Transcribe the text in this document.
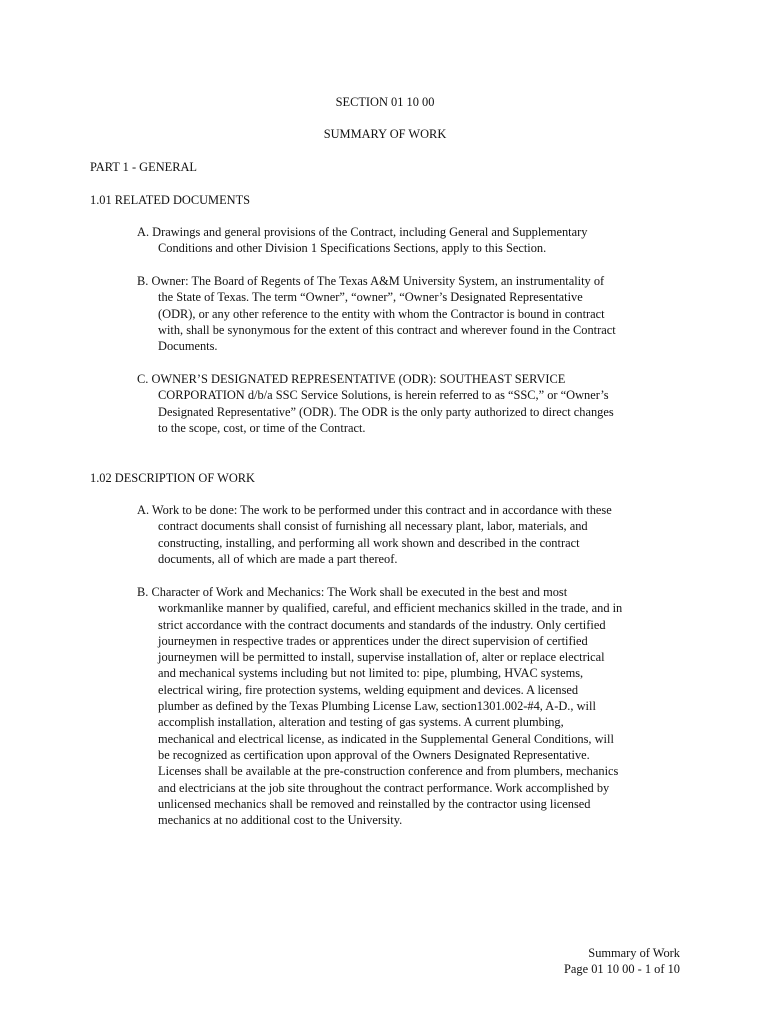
SECTION 01 10 00
SUMMARY OF WORK
PART 1 - GENERAL
1.01 RELATED DOCUMENTS
A. Drawings and general provisions of the Contract, including General and Supplementary
Conditions and other Division 1 Specifications Sections, apply to this Section.
B. Owner: The Board of Regents of The Texas A&M University System, an instrumentality of
the State of Texas. The term “Owner”, “owner”, “Owner’s Designated Representative
(ODR), or any other reference to the entity with whom the Contractor is bound in contract
with, shall be synonymous for the extent of this contract and wherever found in the Contract
Documents.
C. OWNER’S DESIGNATED REPRESENTATIVE (ODR): SOUTHEAST SERVICE
CORPORATION d/b/a SSC Service Solutions, is herein referred to as “SSC,” or “Owner’s
Designated Representative” (ODR). The ODR is the only party authorized to direct changes
to the scope, cost, or time of the Contract.
1.02 DESCRIPTION OF WORK
A. Work to be done: The work to be performed under this contract and in accordance with these
contract documents shall consist of furnishing all necessary plant, labor, materials, and
constructing, installing, and performing all work shown and described in the contract
documents, all of which are made a part thereof.
B. Character of Work and Mechanics: The Work shall be executed in the best and most
workmanlike manner by qualified, careful, and efficient mechanics skilled in the trade, and in
strict accordance with the contract documents and standards of the industry. Only certified
journeymen in respective trades or apprentices under the direct supervision of certified
journeymen will be permitted to install, supervise installation of, alter or replace electrical
and mechanical systems including but not limited to: pipe, plumbing, HVAC systems,
electrical wiring, fire protection systems, welding equipment and devices. A licensed
plumber as defined by the Texas Plumbing License Law, section1301.002-#4, A-D., will
accomplish installation, alteration and testing of gas systems. A current plumbing,
mechanical and electrical license, as indicated in the Supplemental General Conditions, will
be recognized as certification upon approval of the Owners Designated Representative.
Licenses shall be available at the pre-construction conference and from plumbers, mechanics
and electricians at the job site throughout the contract performance. Work accomplished by
unlicensed mechanics shall be removed and reinstalled by the contractor using licensed
mechanics at no additional cost to the University.
Summary of Work
Page 01 10 00 - 1 of 10
